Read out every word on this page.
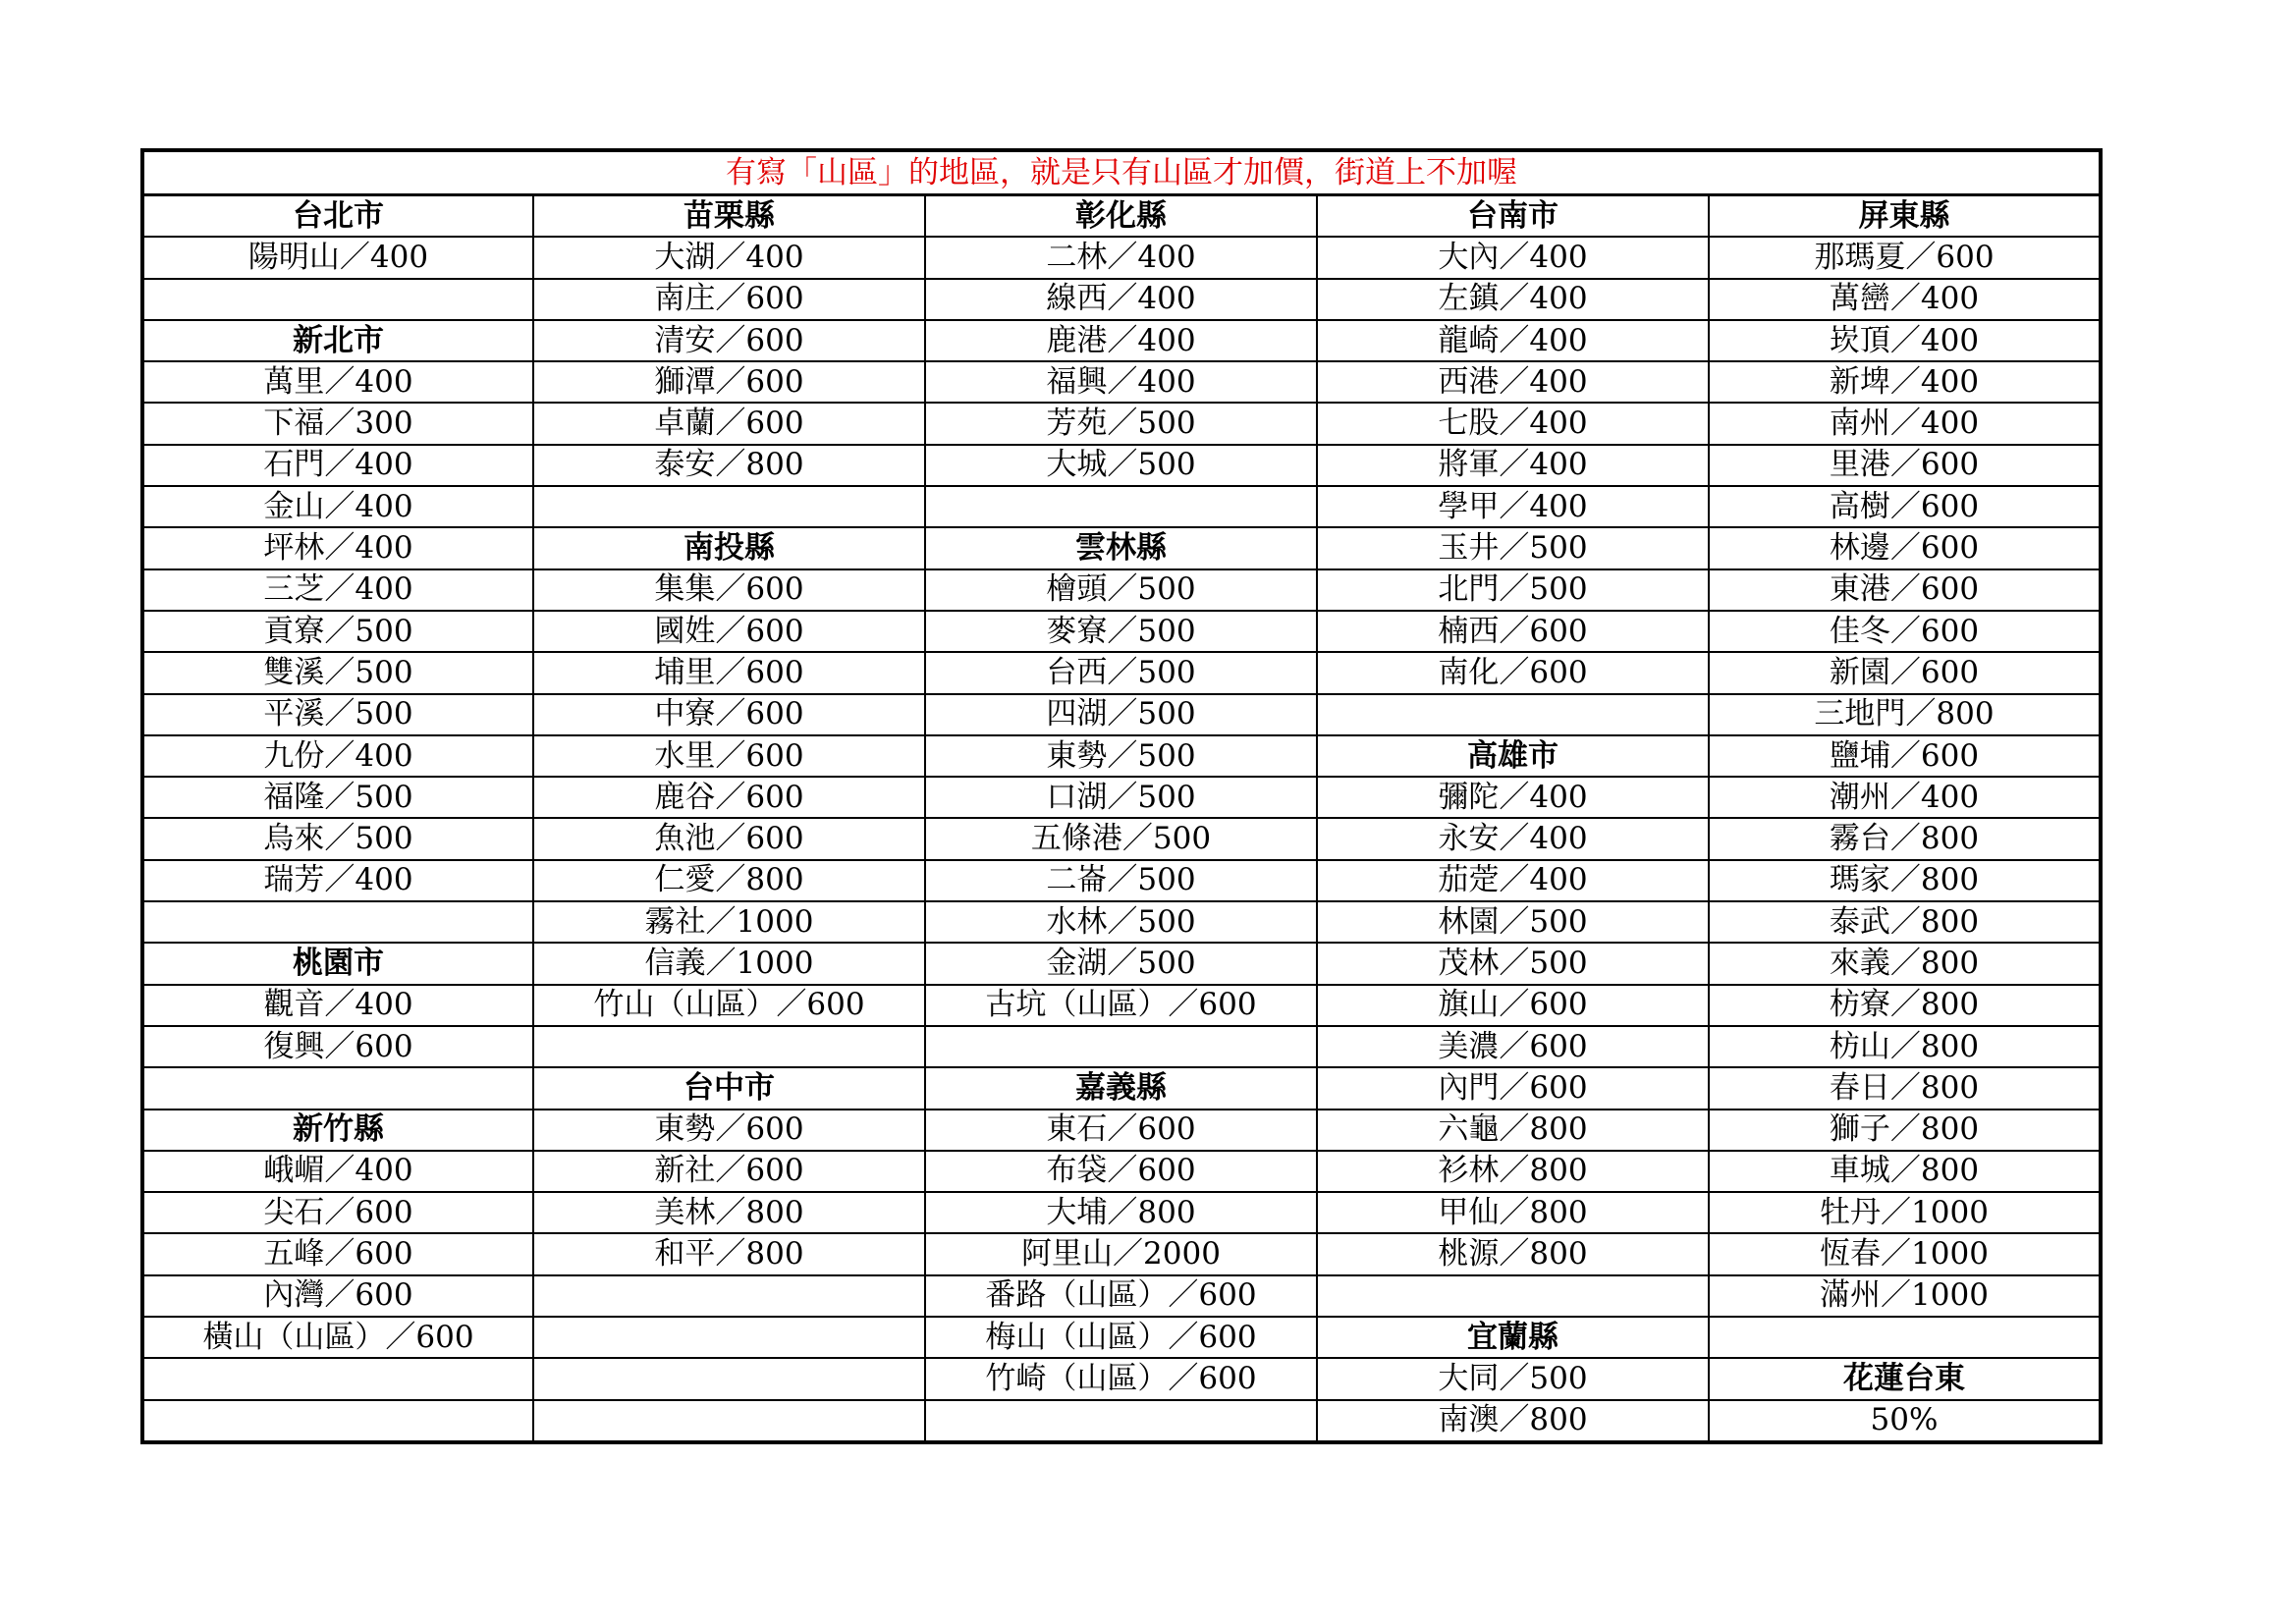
有寫「山區」的地區，就是只有山區才加價，街道上不加喔				
台北市	苗栗縣	彰化縣	台南市	屏東縣
陽明山／400	大湖／400	二林／400	大內／400	那瑪夏／600
	南庄／600	線西／400	左鎮／400	萬巒／400
新北市	清安／600	鹿港／400	龍崎／400	崁頂／400
萬里／400	獅潭／600	福興／400	西港／400	新埤／400
下福／300	卓蘭／600	芳苑／500	七股／400	南州／400
石門／400	泰安／800	大城／500	將軍／400	里港／600
金山／400			學甲／400	高樹／600
坪林／400	南投縣	雲林縣	玉井／500	林邊／600
三芝／400	集集／600	檜頭／500	北門／500	東港／600
貢寮／500	國姓／600	麥寮／500	楠西／600	佳冬／600
雙溪／500	埔里／600	台西／500	南化／600	新園／600
平溪／500	中寮／600	四湖／500		三地門／800
九份／400	水里／600	東勢／500	高雄市	鹽埔／600
福隆／500	鹿谷／600	口湖／500	彌陀／400	潮州／400
烏來／500	魚池／600	五條港／500	永安／400	霧台／800
瑞芳／400	仁愛／800	二崙／500	茄萣／400	瑪家／800
	霧社／1000	水林／500	林園／500	泰武／800
桃園市	信義／1000	金湖／500	茂林／500	來義／800
觀音／400	竹山（山區）／600	古坑（山區）／600	旗山／600	枋寮／800
復興／600			美濃／600	枋山／800
	台中市	嘉義縣	內門／600	春日／800
新竹縣	東勢／600	東石／600	六龜／800	獅子／800
峨嵋／400	新社／600	布袋／600	衫林／800	車城／800
尖石／600	美林／800	大埔／800	甲仙／800	牡丹／1000
五峰／600	和平／800	阿里山／2000	桃源／800	恆春／1000
內灣／600		番路（山區）／600		滿州／1000
橫山（山區）／600		梅山（山區）／600	宜蘭縣	
		竹崎（山區）／600	大同／500	花蓮台東
			南澳／800	50%
